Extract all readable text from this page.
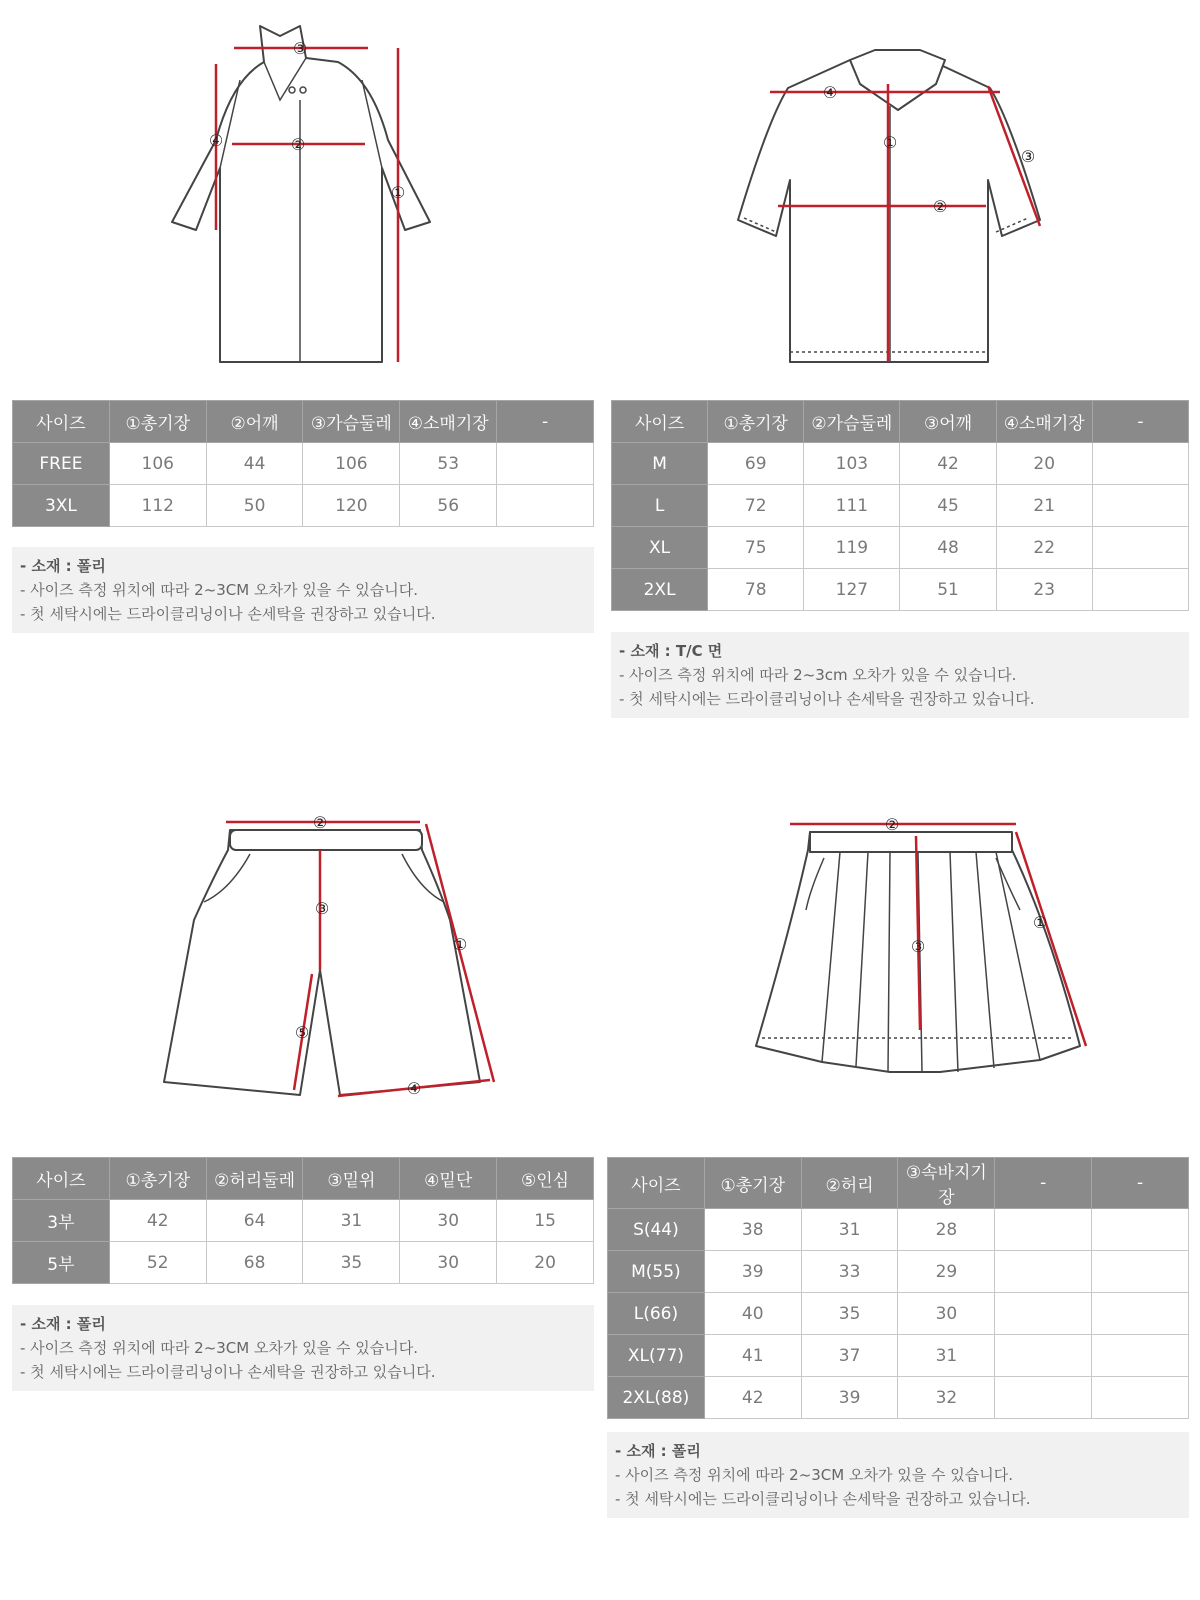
③
②
④
①
사이즈	①총기장	②어깨	③가슴둘레	④소매기장	-
FREE	106	44	106	53	
3XL	112	50	120	56	
- 소재 : 폴리
- 사이즈 측정 위치에 따라 2~3CM 오차가 있을 수 있습니다.
- 첫 세탁시에는 드라이클리닝이나 손세탁을 권장하고 있습니다.
④
①
②
③
사이즈	①총기장	②가슴둘레	③어깨	④소매기장	-
M	69	103	42	20	
L	72	111	45	21	
XL	75	119	48	22	
2XL	78	127	51	23	
- 소재 : T/C 면
- 사이즈 측정 위치에 따라 2~3cm 오차가 있을 수 있습니다.
- 첫 세탁시에는 드라이클리닝이나 손세탁을 권장하고 있습니다.
②
①
③
④
⑤
사이즈	①총기장	②허리둘레	③밑위	④밑단	⑤인심
3부	42	64	31	30	15
5부	52	68	35	30	20
- 소재 : 폴리
- 사이즈 측정 위치에 따라 2~3CM 오차가 있을 수 있습니다.
- 첫 세탁시에는 드라이클리닝이나 손세탁을 권장하고 있습니다.
②
③
①
사이즈	①총기장	②허리	③속바지기장	-	-
S(44)	38	31	28		
M(55)	39	33	29		
L(66)	40	35	30		
XL(77)	41	37	31		
2XL(88)	42	39	32		
- 소재 : 폴리
- 사이즈 측정 위치에 따라 2~3CM 오차가 있을 수 있습니다.
- 첫 세탁시에는 드라이클리닝이나 손세탁을 권장하고 있습니다.
